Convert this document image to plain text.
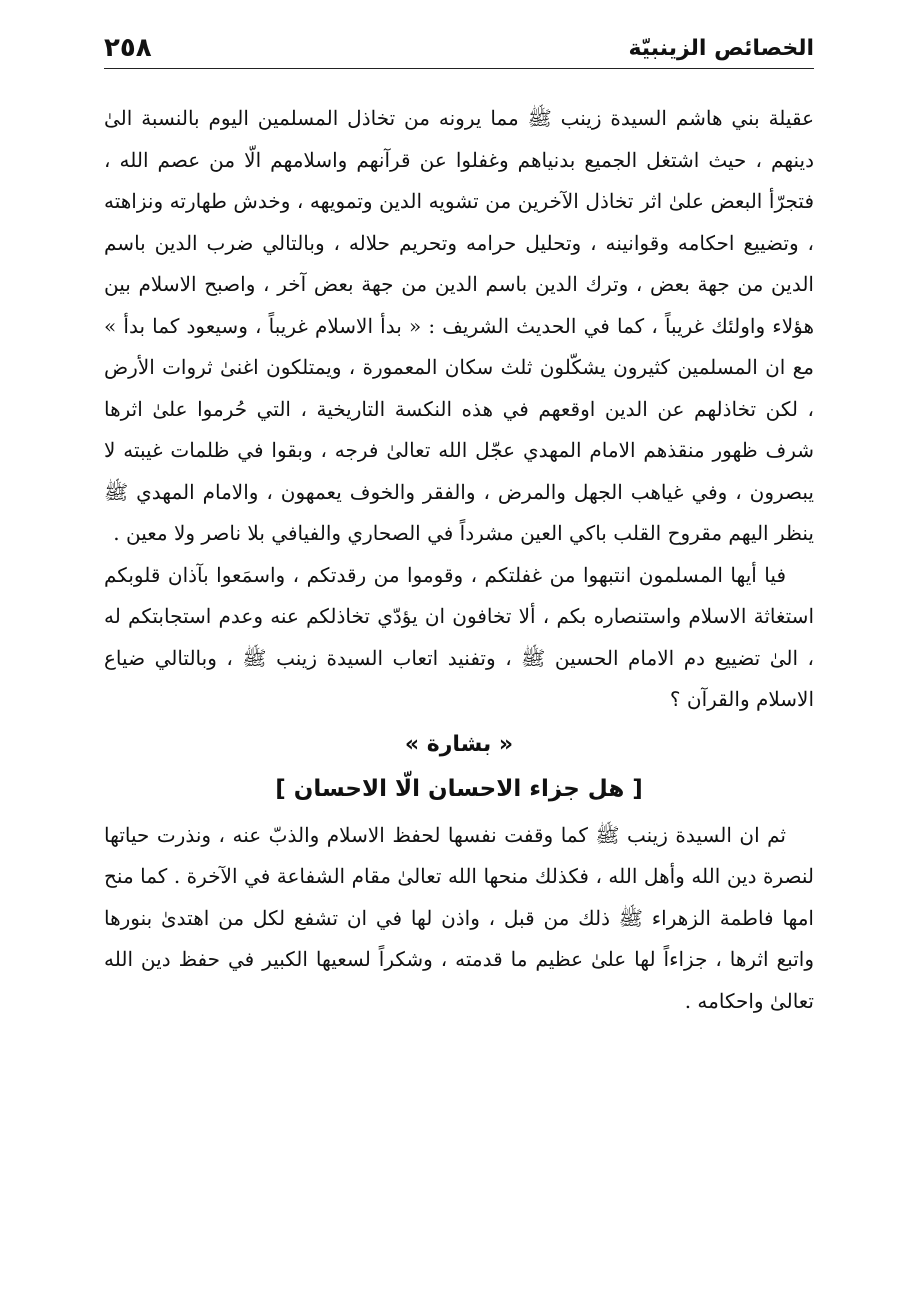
٢٥٨	الخصائص الزينبيّة

عقيلة بني هاشم السيدة زينب ﷺ مما يرونه من تخاذل المسلمين اليوم بالنسبة الىٰ دينهم ، حيث اشتغل الجميع بدنياهم وغفلوا عن قرآنهم واسلامهم الّا من عصم الله ، فتجرّأ البعض علىٰ اثر تخاذل الآخرين من تشويه الدين وتمويهه ، وخدش طهارته ونزاهته ، وتضييع احكامه وقوانينه ، وتحليل حرامه وتحريم حلاله ، وبالتالي ضرب الدين باسم الدين من جهة بعض ، وترك الدين باسم الدين من جهة بعض آخر ، واصبح الاسلام بين هؤلاء واولئك غريباً ، كما في الحديث الشريف : « بدأ الاسلام غريباً ، وسيعود كما بدأ » مع ان المسلمين كثيرون يشكّلون ثلث سكان المعمورة ، ويمتلكون اغنىٰ ثروات الأرض ، لكن تخاذلهم عن الدين اوقعهم في هذه النكسة التاريخية ، التي حُرموا علىٰ اثرها شرف ظهور منقذهم الامام المهدي عجّل الله تعالىٰ فرجه ، وبقوا في ظلمات غيبته لا يبصرون ، وفي غياهب الجهل والمرض ، والفقر والخوف يعمهون ، والامام المهدي ﷺ ينظر اليهم مقروح القلب باكي العين مشرداً في الصحاري والفيافي بلا ناصر ولا معين .

فيا أيها المسلمون انتبهوا من غفلتكم ، وقوموا من رقدتكم ، واسمَعوا بآذان قلوبكم استغاثة الاسلام واستنصاره بكم ، ألا تخافون ان يؤدّي تخاذلكم عنه وعدم استجابتكم له ، الىٰ تضييع دم الامام الحسين ﷺ ، وتفنيد اتعاب السيدة زينب ﷺ ، وبالتالي ضياع الاسلام والقرآن ؟

« بشارة »
[ هل جزاء الاحسان الّا الاحسان ]

ثم ان السيدة زينب ﷺ كما وقفت نفسها لحفظ الاسلام والذبّ عنه ، ونذرت حياتها لنصرة دين الله وأهل الله ، فكذلك منحها الله تعالىٰ مقام الشفاعة في الآخرة . كما منح امها فاطمة الزهراء ﷺ ذلك من قبل ، واذن لها في ان تشفع لكل من اهتدىٰ بنورها واتبع اثرها ، جزاءاً لها علىٰ عظيم ما قدمته ، وشكراً لسعيها الكبير في حفظ دين الله تعالىٰ واحكامه .
